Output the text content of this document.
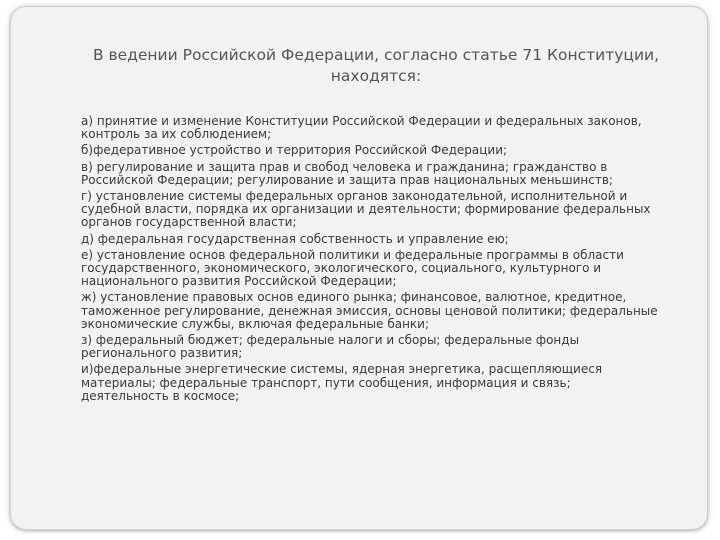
В ведении Российской Федерации, согласно статье 71 Конституции,
находятся:
а) принятие и изменение Конституции Российской Федерации и федеральных законов, контроль за их соблюдением;
б)федеративное устройство и территория Российской Федерации;
в) регулирование и защита прав и свобод человека и гражданина; гражданство в Российской Федерации; регулирование и защита прав национальных меньшинств;
г) установление системы федеральных органов законодательной, исполнительной и судебной власти, порядка их организации и деятельности; формирование федеральных органов государственной власти;
д) федеральная государственная собственность и управление ею;
е) установление основ федеральной политики и федеральные программы в области государственного, экономического, экологического, социального, культурного и национального развития Российской Федерации;
ж) установление правовых основ единого рынка; финансовое, валютное, кредитное, таможенное регулирование, денежная эмиссия, основы ценовой политики; федеральные экономические службы, включая федеральные банки;
з) федеральный бюджет; федеральные налоги и сборы; федеральные фонды регионального развития;
и)федеральные энергетические системы, ядерная энергетика, расщепляющиеся материалы; федеральные транспорт, пути сообщения, информация и связь; деятельность в космосе;
